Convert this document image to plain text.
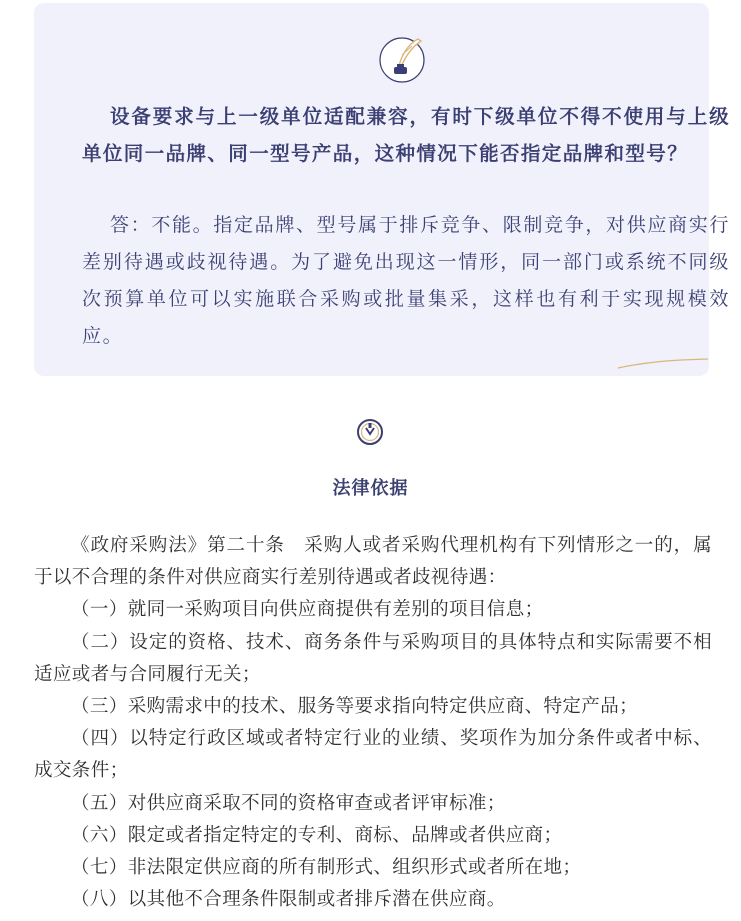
设备要求与上一级单位适配兼容，有时下级单位不得不使用与上级单位同一品牌、同一型号产品，这种情况下能否指定品牌和型号？
答：不能。指定品牌、型号属于排斥竞争、限制竞争，对供应商实行差别待遇或歧视待遇。为了避免出现这一情形，同一部门或系统不同级次预算单位可以实施联合采购或批量集采，这样也有利于实现规模效应。
法律依据

《政府采购法》第二十条　采购人或者采购代理机构有下列情形之一的，属于以不合理的条件对供应商实行差别待遇或者歧视待遇：

（一）就同一采购项目向供应商提供有差别的项目信息；

（二）设定的资格、技术、商务条件与采购项目的具体特点和实际需要不相适应或者与合同履行无关；

（三）采购需求中的技术、服务等要求指向特定供应商、特定产品；

（四）以特定行政区域或者特定行业的业绩、奖项作为加分条件或者中标、成交条件；

（五）对供应商采取不同的资格审查或者评审标准；

（六）限定或者指定特定的专利、商标、品牌或者供应商；

（七）非法限定供应商的所有制形式、组织形式或者所在地；

（八）以其他不合理条件限制或者排斥潜在供应商。
